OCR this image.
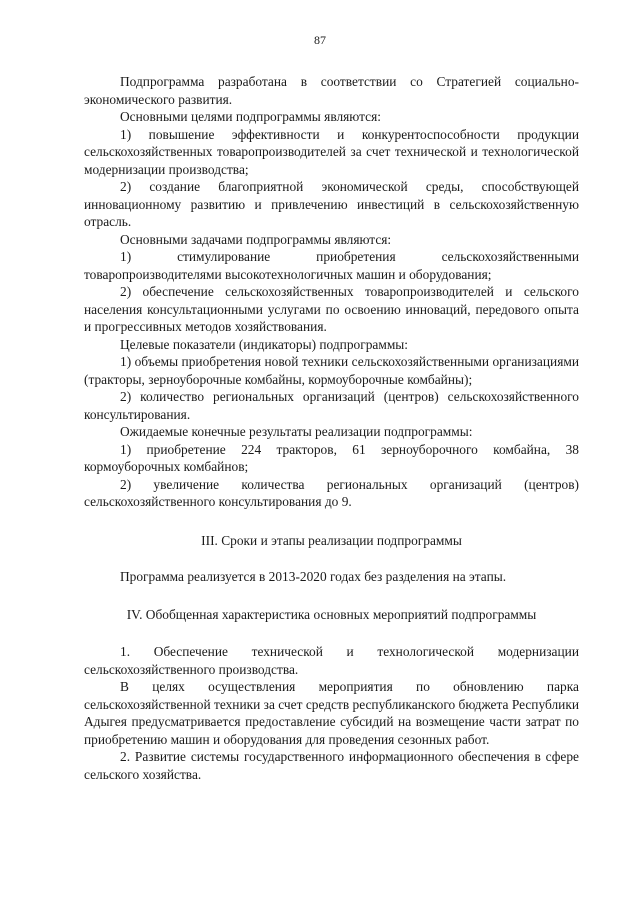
87

Подпрограмма разработана в соответствии со Стратегией социально-экономического развития.

Основными целями подпрограммы являются:

1) повышение эффективности и конкурентоспособности продукции сельскохозяйственных товаропроизводителей за счет технической и технологической модернизации производства;

2) создание благоприятной экономической среды, способствующей инновационному развитию и привлечению инвестиций в сельскохозяйственную отрасль.

Основными задачами подпрограммы являются:

1) стимулирование приобретения сельскохозяйственными товаропроизводителями высокотехнологичных машин и оборудования;

2) обеспечение сельскохозяйственных товаропроизводителей и сельского населения консультационными услугами по освоению инноваций, передового опыта и прогрессивных методов хозяйствования.

Целевые показатели (индикаторы) подпрограммы:

1) объемы приобретения новой техники сельскохозяйственными организациями (тракторы, зерноуборочные комбайны, кормоуборочные комбайны);

2) количество региональных организаций (центров) сельскохозяйственного консультирования.

Ожидаемые конечные результаты реализации подпрограммы:

1) приобретение 224 тракторов, 61 зерноуборочного комбайна, 38 кормоуборочных комбайнов;

2) увеличение количества региональных организаций (центров) сельскохозяйственного консультирования до 9.

III. Сроки и этапы реализации подпрограммы

Программа реализуется в 2013-2020 годах без разделения на этапы.

IV. Обобщенная характеристика основных мероприятий подпрограммы

1. Обеспечение технической и технологической модернизации сельскохозяйственного производства.

В целях осуществления мероприятия по обновлению парка сельскохозяйственной техники за счет средств республиканского бюджета Республики Адыгея предусматривается предоставление субсидий на возмещение части затрат по приобретению машин и оборудования для проведения сезонных работ.

2. Развитие системы государственного информационного обеспечения в сфере сельского хозяйства.
